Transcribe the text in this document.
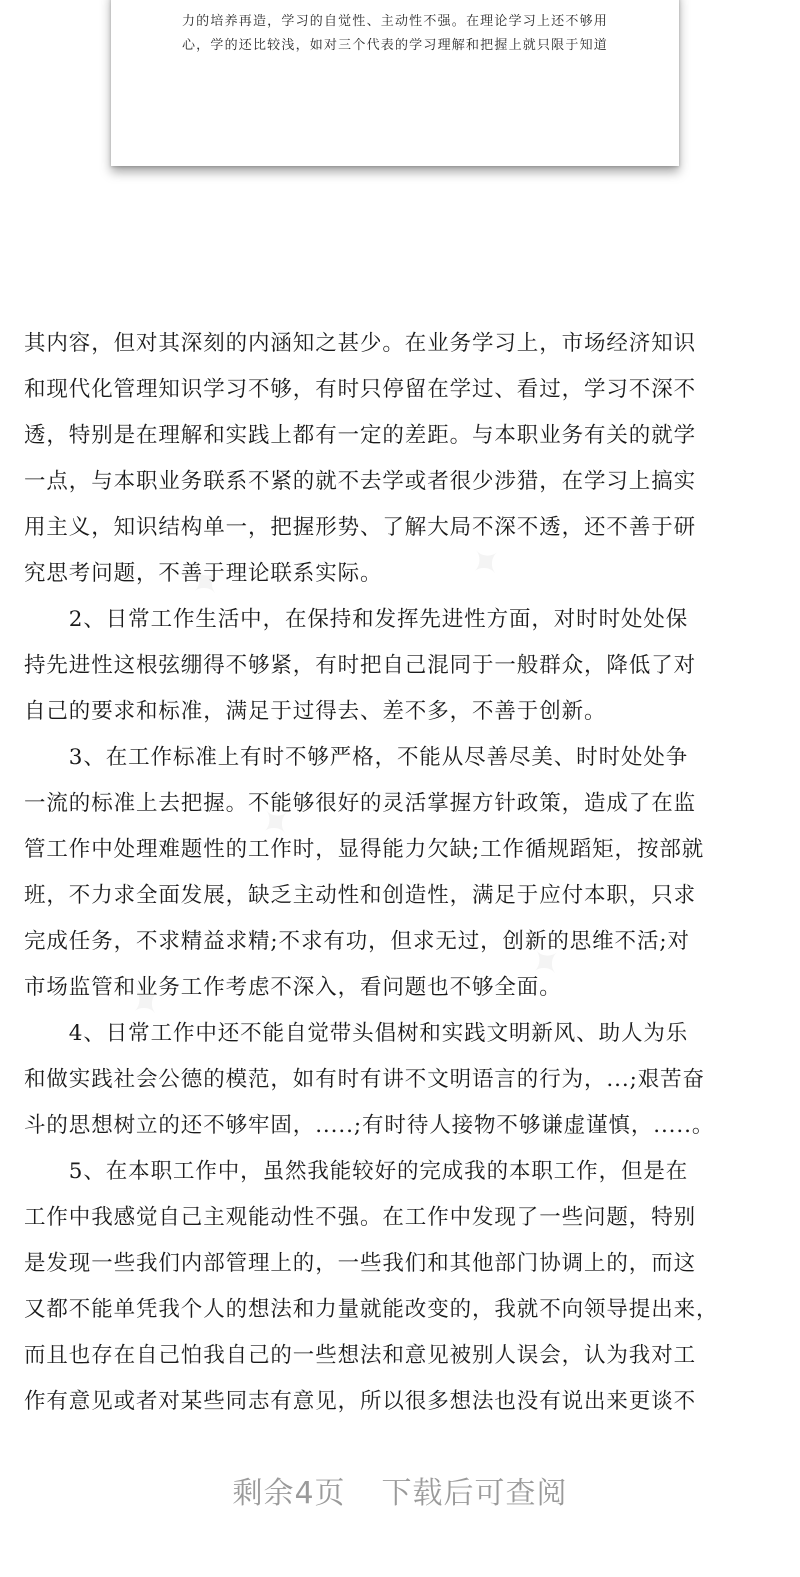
力的培养再造，学习的自觉性、主动性不强。在理论学习上还不够用
心，学的还比较浅，如对三个代表的学习理解和把握上就只限于知道
其内容，但对其深刻的内涵知之甚少。在业务学习上，市场经济知识
和现代化管理知识学习不够，有时只停留在学过、看过，学习不深不
透，特别是在理解和实践上都有一定的差距。与本职业务有关的就学
一点，与本职业务联系不紧的就不去学或者很少涉猎，在学习上搞实
用主义，知识结构单一，把握形势、了解大局不深不透，还不善于研
究思考问题，不善于理论联系实际。
　　2、日常工作生活中，在保持和发挥先进性方面，对时时处处保
持先进性这根弦绷得不够紧，有时把自己混同于一般群众，降低了对
自己的要求和标准，满足于过得去、差不多，不善于创新。
　　3、在工作标准上有时不够严格，不能从尽善尽美、时时处处争
一流的标准上去把握。不能够很好的灵活掌握方针政策，造成了在监
管工作中处理难题性的工作时，显得能力欠缺;工作循规蹈矩，按部就
班，不力求全面发展，缺乏主动性和创造性，满足于应付本职，只求
完成任务，不求精益求精;不求有功，但求无过，创新的思维不活;对
市场监管和业务工作考虑不深入，看问题也不够全面。
　　4、日常工作中还不能自觉带头倡树和实践文明新风、助人为乐
和做实践社会公德的模范，如有时有讲不文明语言的行为，...;艰苦奋
斗的思想树立的还不够牢固，.....;有时待人接物不够谦虚谨慎，.....。
　　5、在本职工作中，虽然我能较好的完成我的本职工作，但是在
工作中我感觉自己主观能动性不强。在工作中发现了一些问题，特别
是发现一些我们内部管理上的，一些我们和其他部门协调上的，而这
又都不能单凭我个人的想法和力量就能改变的，我就不向领导提出来，
而且也存在自己怕我自己的一些想法和意见被别人误会，认为我对工
作有意见或者对某些同志有意见，所以很多想法也没有说出来更谈不
剩余4页 下载后可查阅
